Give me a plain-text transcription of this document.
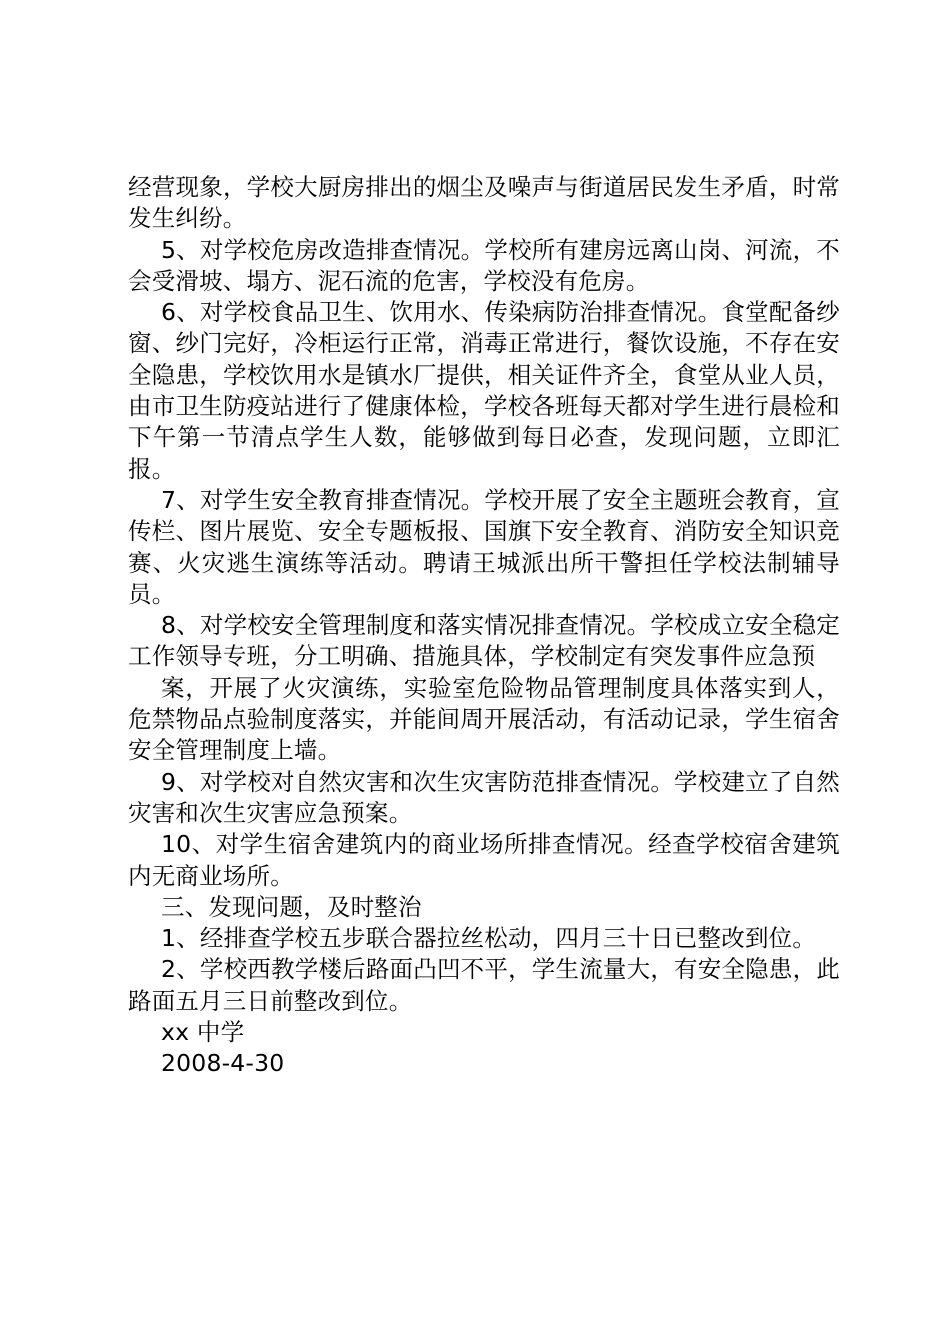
经营现象，学校大厨房排出的烟尘及噪声与街道居民发生矛盾，时常发生纠纷。

5、对学校危房改造排查情况。学校所有建房远离山岗、河流，不会受滑坡、塌方、泥石流的危害，学校没有危房。

6、对学校食品卫生、饮用水、传染病防治排查情况。食堂配备纱窗、纱门完好，冷柜运行正常，消毒正常进行，餐饮设施，不存在安全隐患，学校饮用水是镇水厂提供，相关证件齐全，食堂从业人员，由市卫生防疫站进行了健康体检，学校各班每天都对学生进行晨检和下午第一节清点学生人数，能够做到每日必查，发现问题，立即汇报。

7、对学生安全教育排查情况。学校开展了安全主题班会教育，宣传栏、图片展览、安全专题板报、国旗下安全教育、消防安全知识竞赛、火灾逃生演练等活动。聘请王城派出所干警担任学校法制辅导员。

8、对学校安全管理制度和落实情况排查情况。学校成立安全稳定工作领导专班，分工明确、措施具体，学校制定有突发事件应急预

案，开展了火灾演练，实验室危险物品管理制度具体落实到人，危禁物品点验制度落实，并能间周开展活动，有活动记录，学生宿舍安全管理制度上墙。

9、对学校对自然灾害和次生灾害防范排查情况。学校建立了自然灾害和次生灾害应急预案。

10、对学生宿舍建筑内的商业场所排查情况。经查学校宿舍建筑内无商业场所。

三、发现问题，及时整治

1、经排查学校五步联合器拉丝松动，四月三十日已整改到位。

2、学校西教学楼后路面凸凹不平，学生流量大，有安全隐患，此路面五月三日前整改到位。

xx 中学

2008-4-30
